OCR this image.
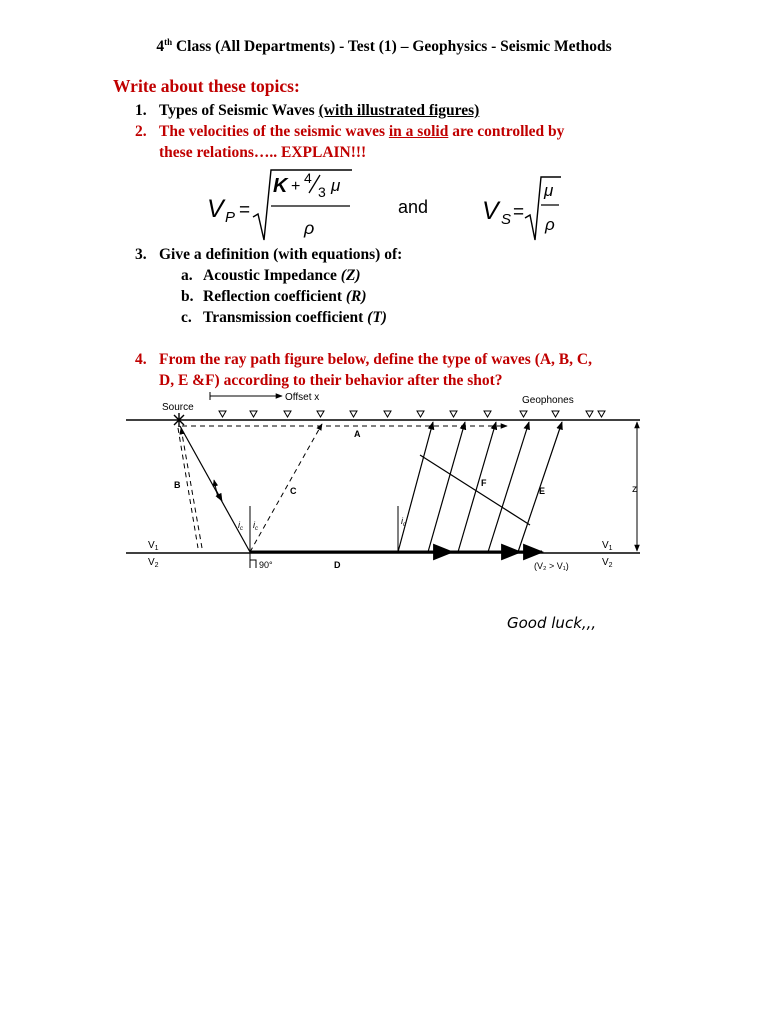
4th Class (All Departments) - Test (1) – Geophysics - Seismic Methods
Write about these topics:
1. Types of Seismic Waves (with illustrated figures)
2. The velocities of the seismic waves in a solid are controlled by
these relations….. EXPLAIN!!!
V P =
K + 4
3 μ
ρ
and V S =
μ
ρ
3. Give a definition (with equations) of:
a. Acoustic Impedance (Z)
b. Reflection coefficient (R)
c. Transmission coefficient (T)
4. From the ray path figure below, define the type of waves (A, B, C,
D, E &F) according to their behavior after the shot?
Source
Offset x	Geophones
A
B
C
D
E
F
z
$i_c$ $i_c$
$i_c$
$V_1$
$V_2$
$V_1$
$V_2$
90°	(V₂ > V₁)
Good luck,,,
